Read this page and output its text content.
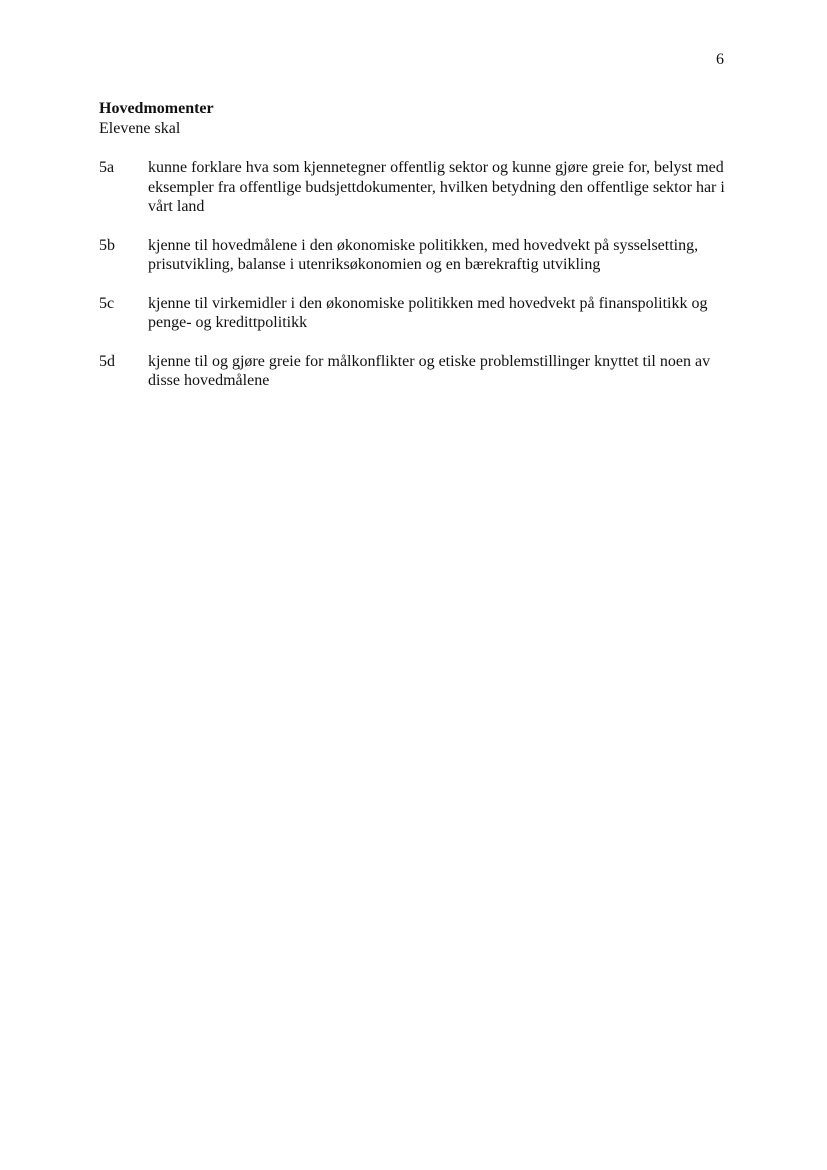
6
Hovedmomenter
Elevene skal
5a	kunne forklare hva som kjennetegner offentlig sektor og kunne gjøre greie for, belyst med eksempler fra offentlige budsjettdokumenter, hvilken betydning den offentlige sektor har i vårt land
5b	kjenne til hovedmålene i den økonomiske politikken, med hovedvekt på sysselsetting, prisutvikling, balanse i utenriksøkonomien og en bærekraftig utvikling
5c	kjenne til virkemidler i den økonomiske politikken med hovedvekt på finanspolitikk og penge- og kredittpolitikk
5d	kjenne til og gjøre greie for målkonflikter og etiske problemstillinger knyttet til noen av disse hovedmålene
